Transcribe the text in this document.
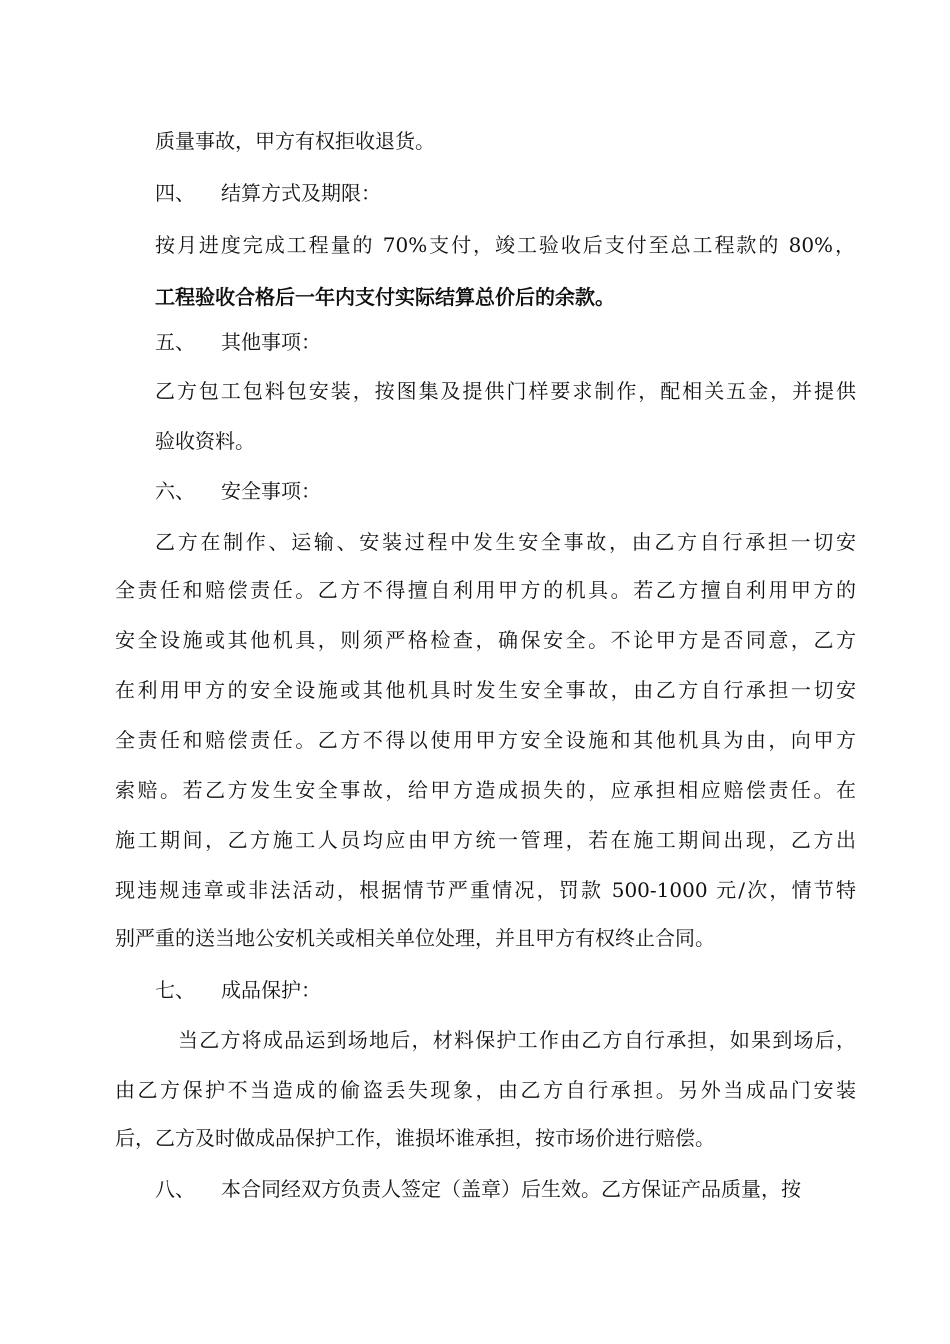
质量事故，甲方有权拒收退货。
四、 结算方式及期限：
按月进度完成工程量的 70%支付，竣工验收后支付至总工程款的 80%，
工程验收合格后一年内支付实际结算总价后的余款。
五、 其他事项：
乙方包工包料包安装，按图集及提供门样要求制作，配相关五金，并提供
验收资料。
六、 安全事项：
乙方在制作、运输、安装过程中发生安全事故，由乙方自行承担一切安
全责任和赔偿责任。乙方不得擅自利用甲方的机具。若乙方擅自利用甲方的
安全设施或其他机具，则须严格检查，确保安全。不论甲方是否同意，乙方
在利用甲方的安全设施或其他机具时发生安全事故，由乙方自行承担一切安
全责任和赔偿责任。乙方不得以使用甲方安全设施和其他机具为由，向甲方
索赔。若乙方发生安全事故，给甲方造成损失的，应承担相应赔偿责任。在
施工期间，乙方施工人员均应由甲方统一管理，若在施工期间出现，乙方出
现违规违章或非法活动，根据情节严重情况，罚款 500-1000 元/次，情节特
别严重的送当地公安机关或相关单位处理，并且甲方有权终止合同。
七、 成品保护：
当乙方将成品运到场地后，材料保护工作由乙方自行承担，如果到场后，
由乙方保护不当造成的偷盗丢失现象，由乙方自行承担。另外当成品门安装
后，乙方及时做成品保护工作，谁损坏谁承担，按市场价进行赔偿。
八、 本合同经双方负责人签定（盖章）后生效。乙方保证产品质量，按
